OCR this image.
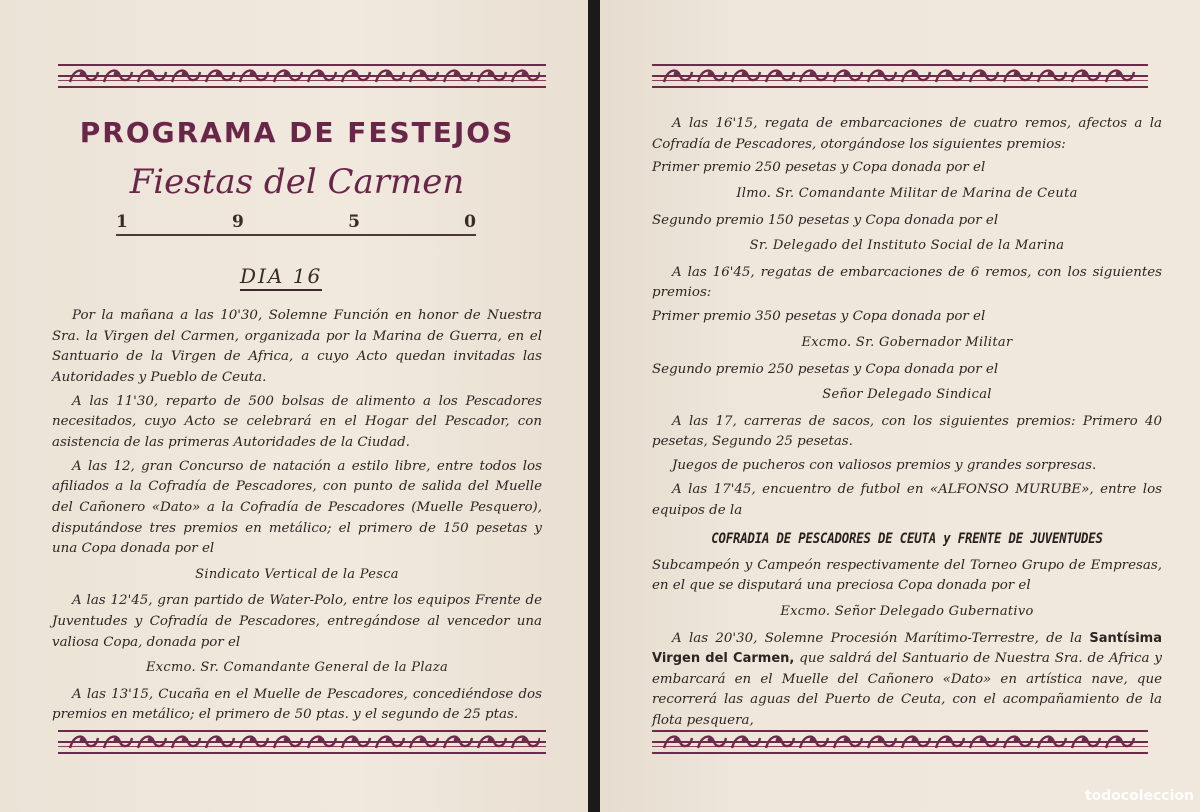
PROGRAMA DE FESTEJOS
Fiestas del Carmen
1	9	5	0
DIA 16

Por la mañana a las 10'30, Solemne Función en honor de Nuestra Sra. la Virgen del Carmen, organizada por la Marina de Guerra, en el Santuario de la Virgen de Africa, a cuyo Acto quedan invitadas las Autoridades y Pueblo de Ceuta.

A las 11'30, reparto de 500 bolsas de alimento a los Pescadores necesitados, cuyo Acto se celebrará en el Hogar del Pescador, con asistencia de las primeras Autoridades de la Ciudad.

A las 12, gran Concurso de natación a estilo libre, entre todos los afiliados a la Cofradía de Pescadores, con punto de salida del Muelle del Cañonero «Dato» a la Cofradía de Pescadores (Muelle Pesquero), disputándose tres premios en metálico; el primero de 150 pesetas y una Copa donada por el

Sindicato Vertical de la Pesca

A las 12'45, gran partido de Water-Polo, entre los equipos Frente de Juventudes y Cofradía de Pescadores, entregándose al vencedor una valiosa Copa, donada por el

Excmo. Sr. Comandante General de la Plaza

A las 13'15, Cucaña en el Muelle de Pescadores, concediéndose dos premios en metálico; el primero de 50 ptas. y el segundo de 25 ptas.

A las 16'15, regata de embarcaciones de cuatro remos, afectos a la Cofradía de Pescadores, otorgándose los siguientes premios:

Primer premio 250 pesetas y Copa donada por el

Ilmo. Sr. Comandante Militar de Marina de Ceuta

Segundo premio 150 pesetas y Copa donada por el

Sr. Delegado del Instituto Social de la Marina

A las 16'45, regatas de embarcaciones de 6 remos, con los siguientes premios:

Primer premio 350 pesetas y Copa donada por el

Excmo. Sr. Gobernador Militar

Segundo premio 250 pesetas y Copa donada por el

Señor Delegado Sindical

A las 17, carreras de sacos, con los siguientes premios: Primero 40 pesetas, Segundo 25 pesetas.

Juegos de pucheros con valiosos premios y grandes sorpresas.

A las 17'45, encuentro de futbol en «ALFONSO MURUBE», entre los equipos de la

COFRADIA DE PESCADORES DE CEUTA y FRENTE DE JUVENTUDES

Subcampeón y Campeón respectivamente del Torneo Grupo de Empresas, en el que se disputará una preciosa Copa donada por el

Excmo. Señor Delegado Gubernativo

A las 20'30, Solemne Procesión Marítimo-Terrestre, de la Santísima Virgen del Carmen, que saldrá del Santuario de Nuestra Sra. de Africa y embarcará en el Muelle del Cañonero «Dato» en artística nave, que recorrerá las aguas del Puerto de Ceuta, con el acompañamiento de la flota pesquera,

todocoleccion
